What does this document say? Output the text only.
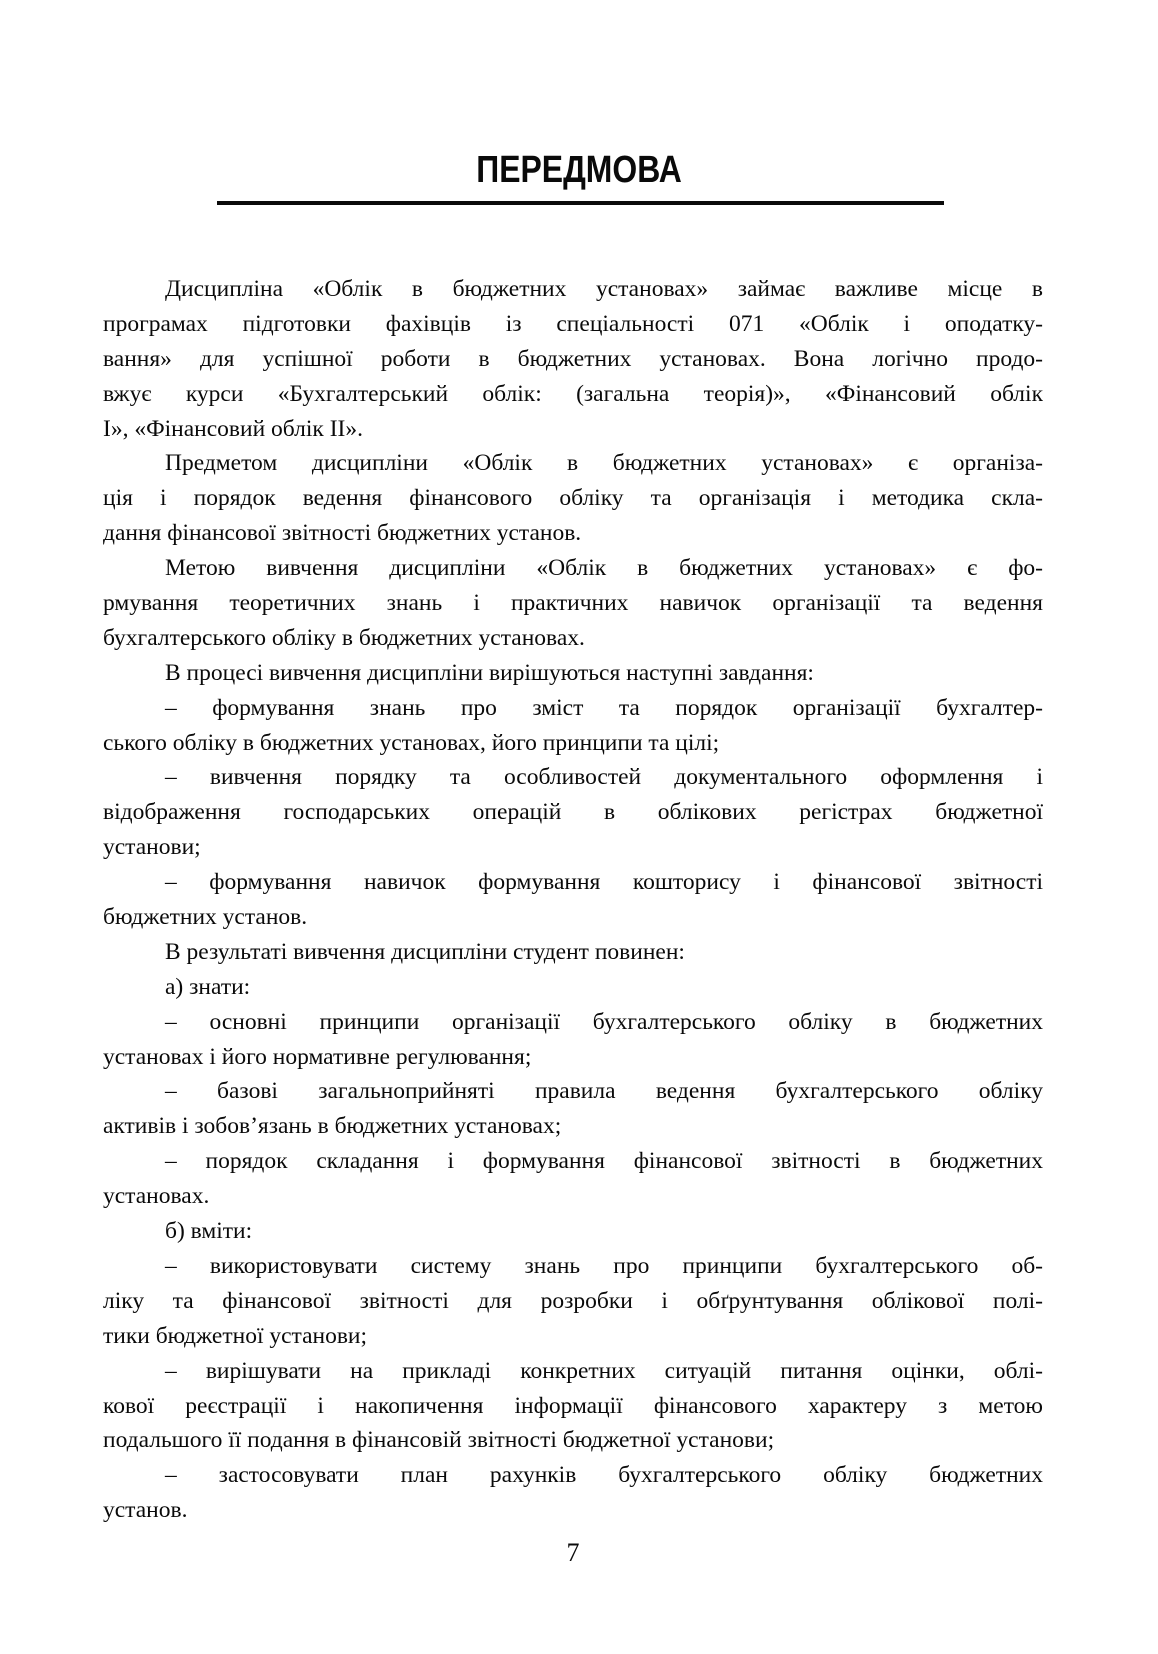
ПЕРЕДМОВА
Дисципліна «Облік в бюджетних установах» займає важливе місце в
програмах підготовки фахівців із спеціальності 071 «Облік і оподатку-
вання» для успішної роботи в бюджетних установах. Вона логічно продо-
вжує курси «Бухгалтерський облік: (загальна теорія)», «Фінансовий облік
І», «Фінансовий облік ІІ».
Предметом дисципліни «Облік в бюджетних установах» є організа-
ція і порядок ведення фінансового обліку та організація і методика скла-
дання фінансової звітності бюджетних установ.
Метою вивчення дисципліни «Облік в бюджетних установах» є фо-
рмування теоретичних знань і практичних навичок організації та ведення
бухгалтерського обліку в бюджетних установах.
В процесі вивчення дисципліни вирішуються наступні завдання:
– формування знань про зміст та порядок організації бухгалтер-
ського обліку в бюджетних установах, його принципи та цілі;
– вивчення порядку та особливостей документального оформлення і
відображення господарських операцій в облікових регістрах бюджетної
установи;
– формування навичок формування кошторису і фінансової звітності
бюджетних установ.
В результаті вивчення дисципліни студент повинен:
а) знати:
– основні принципи організації бухгалтерського обліку в бюджетних
установах і його нормативне регулювання;
– базові загальноприйняті правила ведення бухгалтерського обліку
активів і зобов’язань в бюджетних установах;
– порядок складання і формування фінансової звітності в бюджетних
установах.
б) вміти:
– використовувати систему знань про принципи бухгалтерського об-
ліку та фінансової звітності для розробки і обґрунтування облікової полі-
тики бюджетної установи;
– вирішувати на прикладі конкретних ситуацій питання оцінки, облі-
кової реєстрації і накопичення інформації фінансового характеру з метою
подальшого її подання в фінансовій звітності бюджетної установи;
– застосовувати план рахунків бухгалтерського обліку бюджетних
установ.
7
